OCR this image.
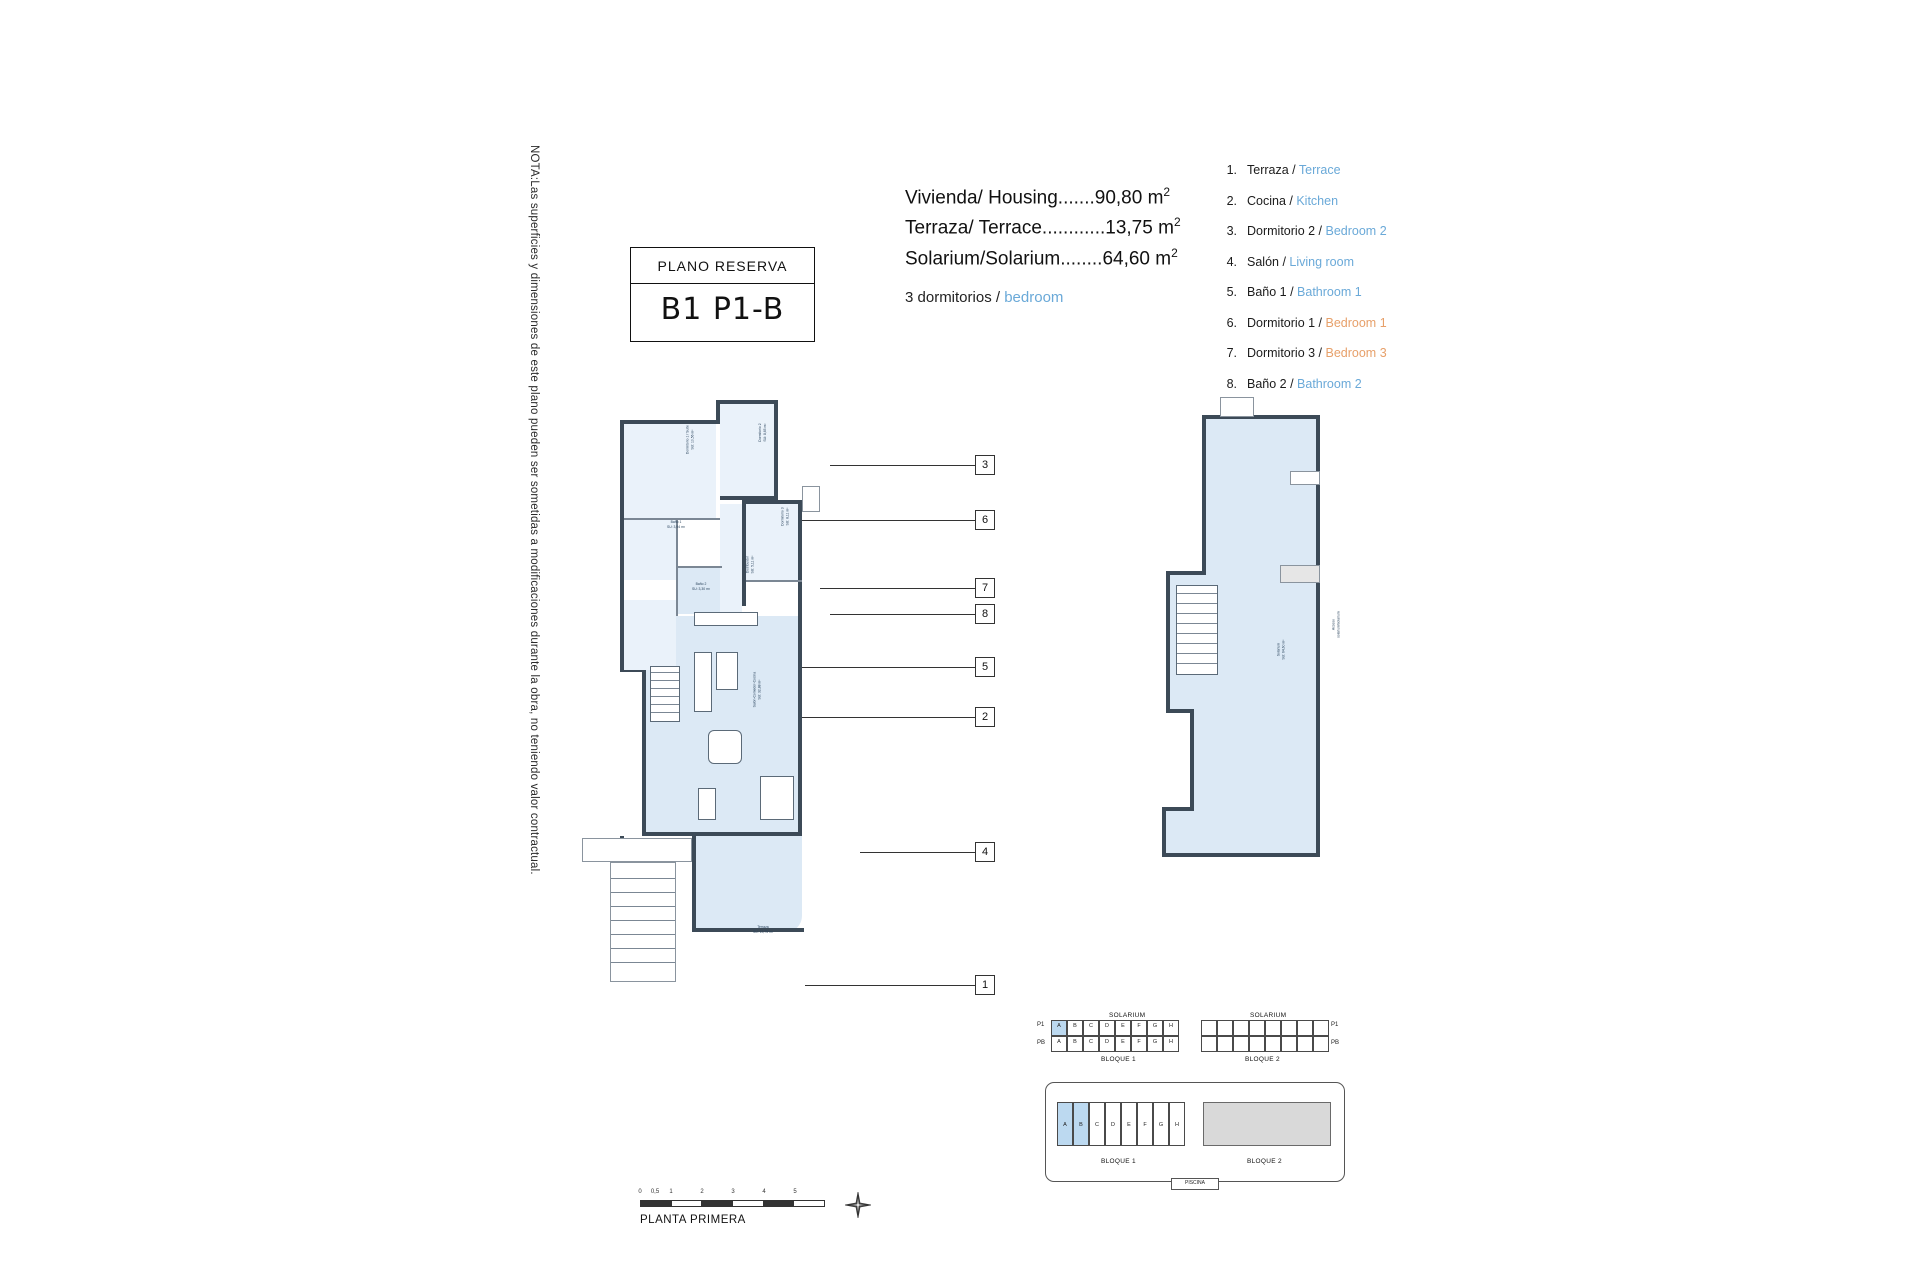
NOTA:Las superficies y dimensiones de este plano pueden ser sometidas a modificaciones durante la obra, no teniendo valor contractual.	PLANO RESERVA
B1 P1-B
Vivienda/ Housing.......90,80 $m^2$
Terraza/ Terrace............13,75 $m^2$
Solarium/Solarium........64,60 $m^2$
3 dormitorios / bedroom
1. Terraza / Terrace
2. Cocina / Kitchen
3. Dormitorio 2 / Bedroom 2
4. Salón / Living room
5. Baño 1 / Bathroom 1
6. Dormitorio 1 / Bedroom 1
7. Dormitorio 3 / Bedroom 3
8. Baño 2 / Bathroom 2
3
6
7
8
5
2
4
1
Dormitorio 1 / Suite SU: 10,56 m²	Dormitorio 2 SU: 8,65 m²
Baño 1
SU: 3,94 m²
Baño 2
SU: 3,30 m²
Distribuidor SU: 5,11 m²
Dormitorio 3 SU: 8,11 m²
Salón-Comedor-Cocina SU: 32,88 m²
Terraza
SU: 13,75 m²
Solarium SU: 64,60 m²
Acceso solarium/solarium
0 0,5 1	2	3	4	5
PLANTA PRIMERA
SOLARIUM	SOLARIUM
P1
PB
P1
PB
A	B	C	D	E	F	G	H
A	B	C	D	E	F	G	H
BLOQUE 1	BLOQUE 2
A	B	C	D	E	F	G	H
BLOQUE 1	BLOQUE 2
PISCINA
